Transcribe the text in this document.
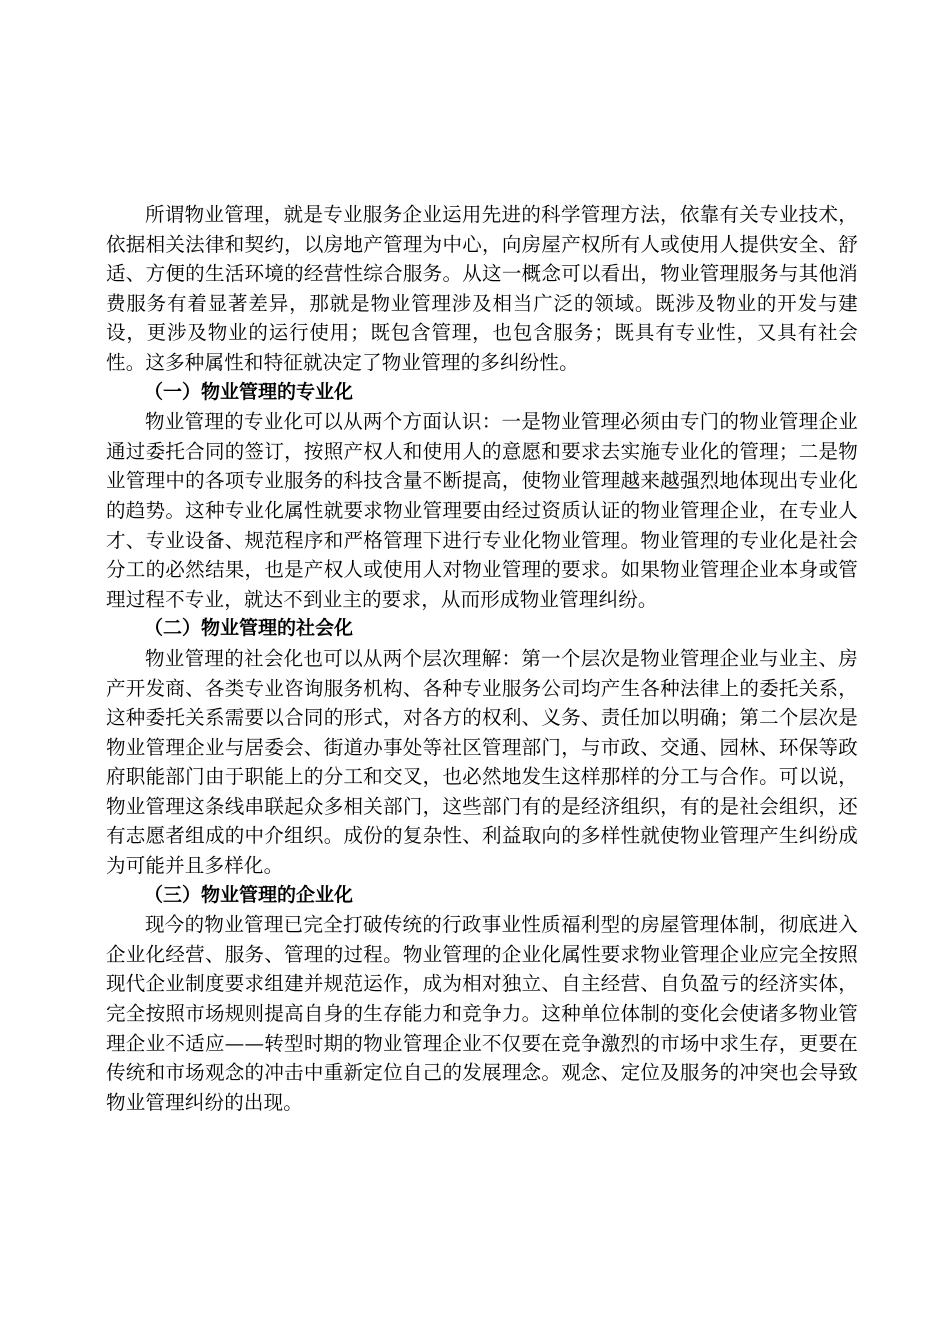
所谓物业管理，就是专业服务企业运用先进的科学管理方法，依靠有关专业技术，依据相关法律和契约，以房地产管理为中心，向房屋产权所有人或使用人提供安全、舒适、方便的生活环境的经营性综合服务。从这一概念可以看出，物业管理服务与其他消费服务有着显著差异，那就是物业管理涉及相当广泛的领域。既涉及物业的开发与建设，更涉及物业的运行使用；既包含管理，也包含服务；既具有专业性，又具有社会性。这多种属性和特征就决定了物业管理的多纠纷性。

（一）物业管理的专业化

物业管理的专业化可以从两个方面认识：一是物业管理必须由专门的物业管理企业通过委托合同的签订，按照产权人和使用人的意愿和要求去实施专业化的管理；二是物业管理中的各项专业服务的科技含量不断提高，使物业管理越来越强烈地体现出专业化的趋势。这种专业化属性就要求物业管理要由经过资质认证的物业管理企业，在专业人才、专业设备、规范程序和严格管理下进行专业化物业管理。物业管理的专业化是社会分工的必然结果，也是产权人或使用人对物业管理的要求。如果物业管理企业本身或管理过程不专业，就达不到业主的要求，从而形成物业管理纠纷。

（二）物业管理的社会化

物业管理的社会化也可以从两个层次理解：第一个层次是物业管理企业与业主、房产开发商、各类专业咨询服务机构、各种专业服务公司均产生各种法律上的委托关系，这种委托关系需要以合同的形式，对各方的权利、义务、责任加以明确；第二个层次是物业管理企业与居委会、街道办事处等社区管理部门，与市政、交通、园林、环保等政府职能部门由于职能上的分工和交叉，也必然地发生这样那样的分工与合作。可以说，物业管理这条线串联起众多相关部门，这些部门有的是经济组织，有的是社会组织，还有志愿者组成的中介组织。成份的复杂性、利益取向的多样性就使物业管理产生纠纷成为可能并且多样化。

（三）物业管理的企业化

现今的物业管理已完全打破传统的行政事业性质福利型的房屋管理体制，彻底进入企业化经营、服务、管理的过程。物业管理的企业化属性要求物业管理企业应完全按照现代企业制度要求组建并规范运作，成为相对独立、自主经营、自负盈亏的经济实体，完全按照市场规则提高自身的生存能力和竞争力。这种单位体制的变化会使诸多物业管理企业不适应——转型时期的物业管理企业不仅要在竞争激烈的市场中求生存，更要在传统和市场观念的冲击中重新定位自己的发展理念。观念、定位及服务的冲突也会导致物业管理纠纷的出现。
